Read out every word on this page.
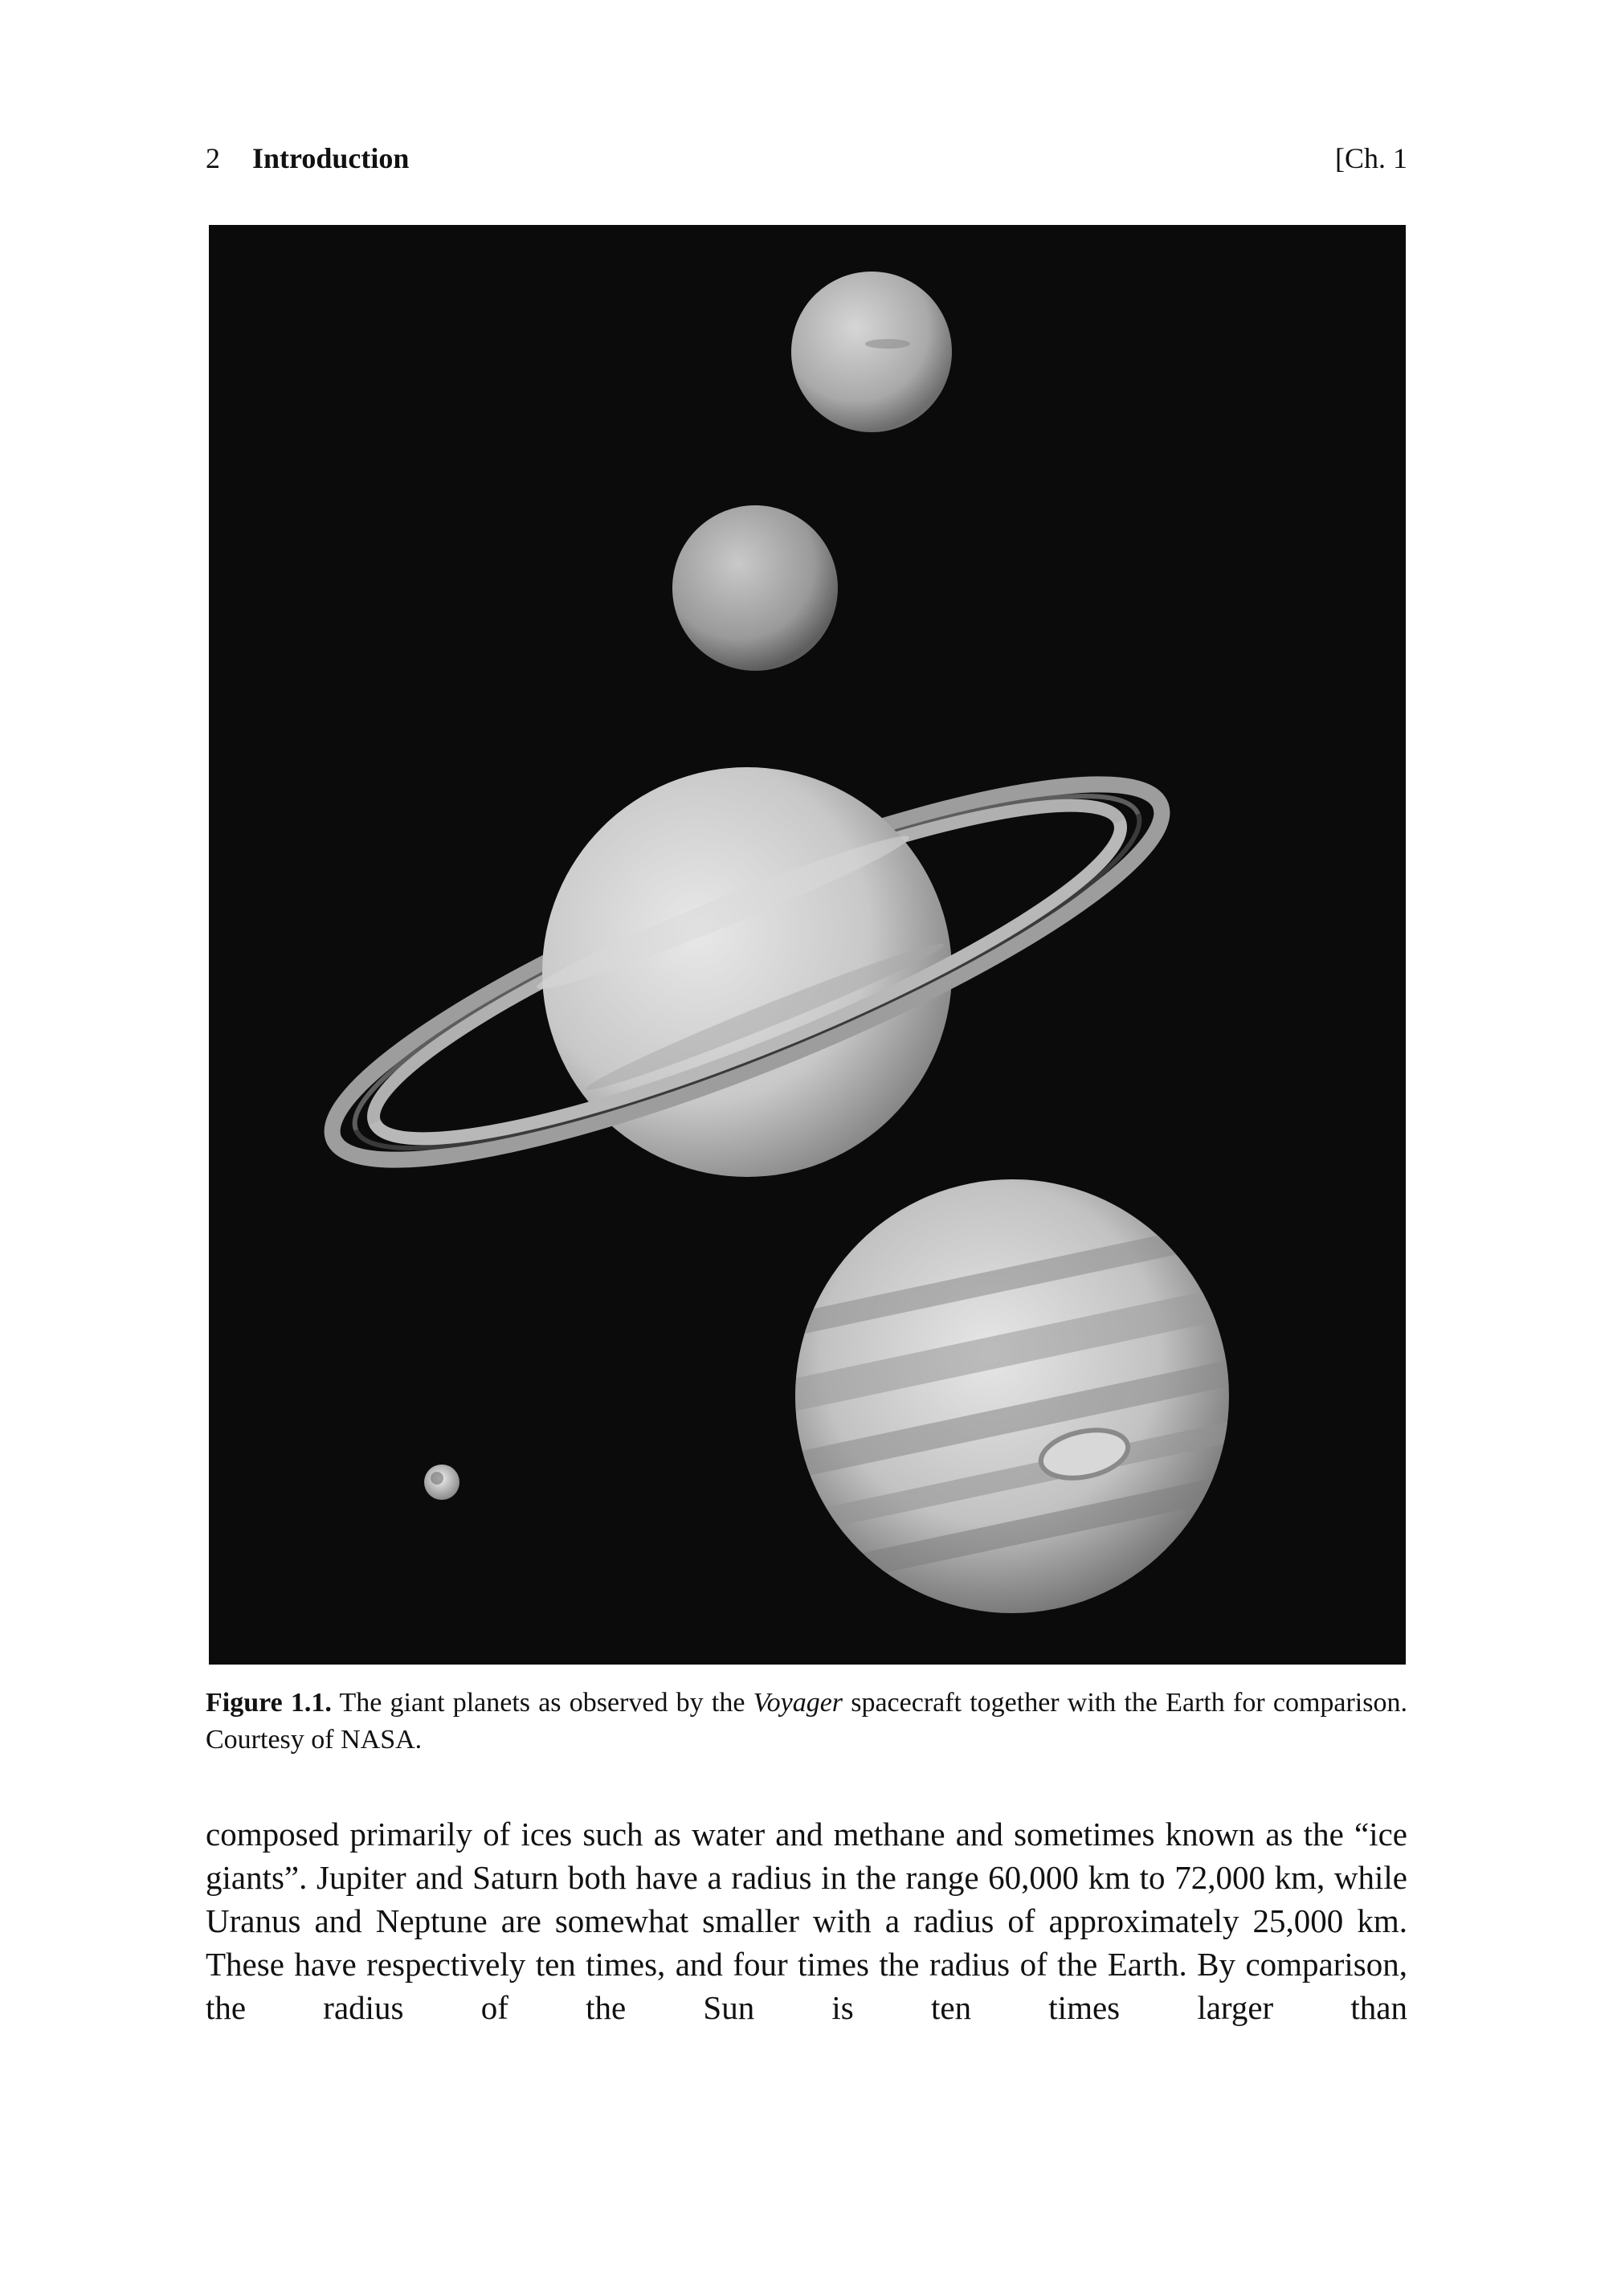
2 Introduction	[Ch. 1
Figure 1.1. The giant planets as observed by the Voyager spacecraft together with the Earth for comparison. Courtesy of NASA.

composed primarily of ices such as water and methane and sometimes known as the “ice giants”. Jupiter and Saturn both have a radius in the range 60,000 km to 72,000 km, while Uranus and Neptune are somewhat smaller with a radius of approximately 25,000 km. These have respectively ten times, and four times the radius of the Earth. By comparison, the radius of the Sun is ten times larger than
